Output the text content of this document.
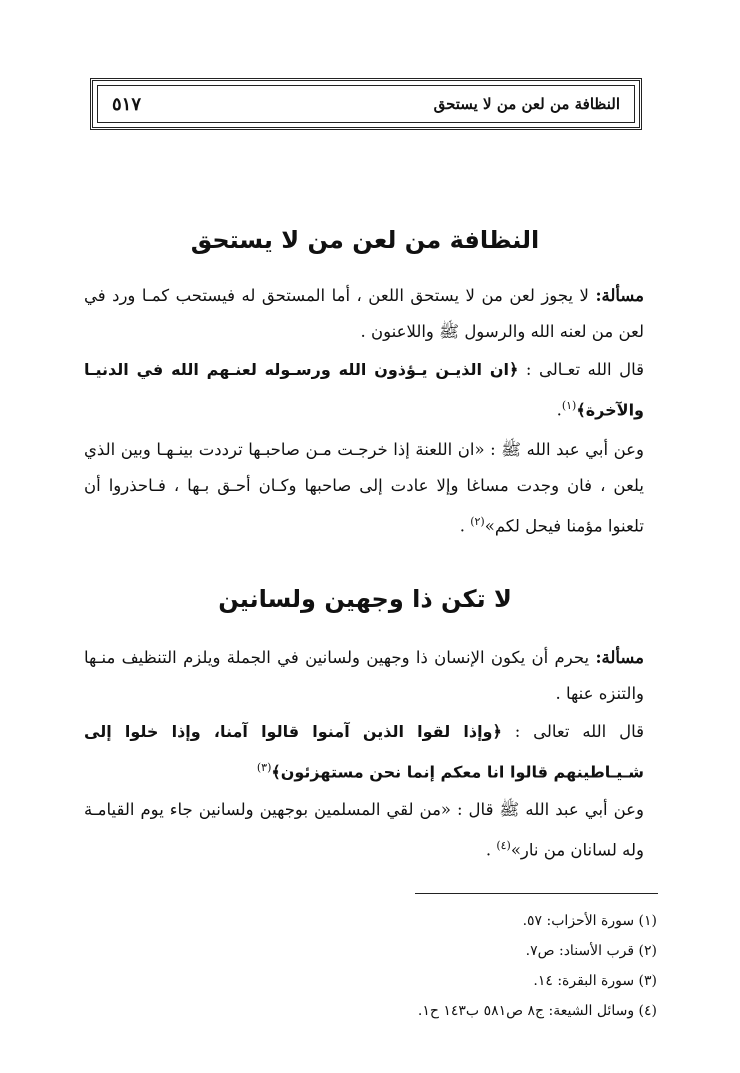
النظافة من لعن من لا يستحق
٥١٧
النظافة من لعن من لا يستحق

مسألة: لا يجوز لعن من لا يستحق اللعن ، أما المستحق له فيستحب كمـا ورد في لعن من لعنه الله والرسول ﷺ واللاعنون .

قال الله تعـالى : ﴿ان الذيـن يـؤذون الله ورسـوله لعنـهم الله في الدنيـا والآخرة﴾$^{(١)}$.

وعن أبي عبد الله ﷺ : «ان اللعنة إذا خرجـت مـن صاحبـها ترددت بينـهـا وبين الذي يلعن ، فان وجدت مساغا وإلا عادت إلى صاحبها وكـان أحـق بـها ، فـاحذروا أن تلعنوا مؤمنا فيحل لكم»$^{(٢)}$ .

لا تكن ذا وجهين ولسانين

مسألة: يحرم أن يكون الإنسان ذا وجهين ولسانين في الجملة ويلزم التنظيف منـها والتنزه عنها .

قال الله تعالى : ﴿وإذا لقوا الذين آمنوا قالوا آمنا، وإذا خلوا إلى شـيـاطينهم قالوا انا معكم إنما نحن مستهزئون﴾$^{(٣)}$

وعن أبي عبد الله ﷺ قال : «من لقي المسلمين بوجهين ولسانين جاء يوم القيامـة وله لسانان من نار»$^{(٤)}$ .

(١) سورة الأحزاب: ٥٧.
(٢) قرب الأسناد: ص٧.
(٣) سورة البقرة: ١٤.
(٤) وسائل الشيعة: ج٨ ص٥٨١ ب١٤٣ ح١.
